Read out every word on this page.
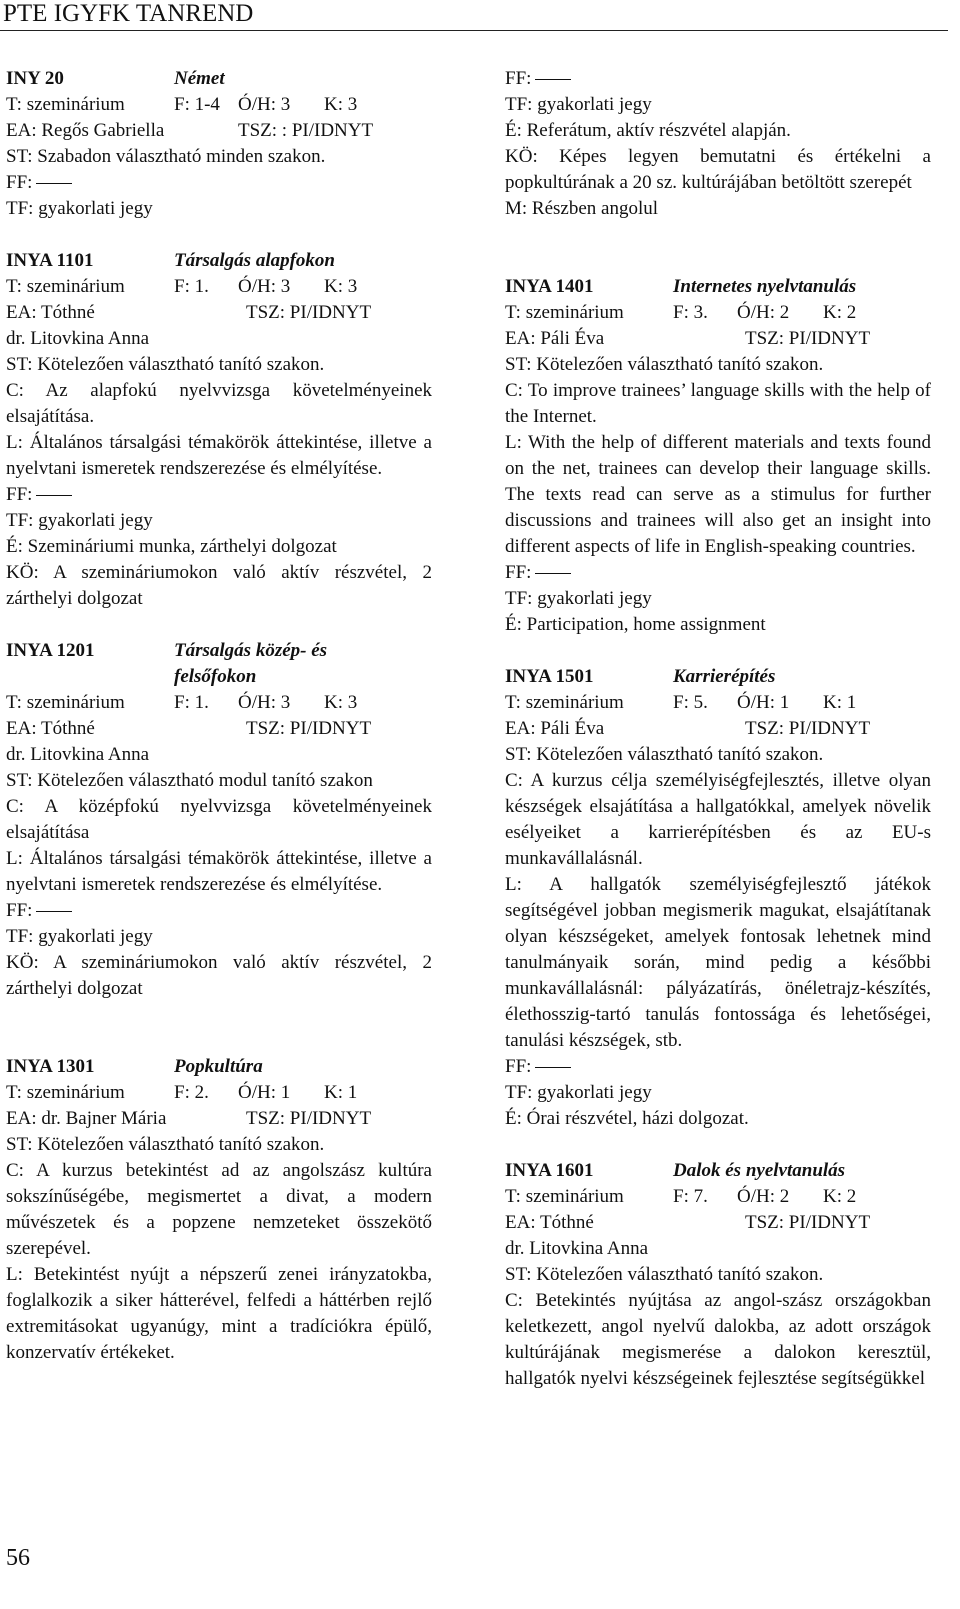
PTE IGYFK TANREND
INY 20	Német
T: szeminárium	F: 1-4 Ó/H: 3 K: 3
EA: Regős Gabriella	TSZ: : PI/IDNYT
ST: Szabadon választható minden szakon.
FF:
TF: gyakorlati jegy
INYA 1101	Társalgás alapfokon
T: szeminárium	F: 1. Ó/H: 3 K: 3
EA: Tóthné	TSZ: PI/IDNYT
dr. Litovkina Anna
ST: Kötelezően választható tanító szakon.
C: Az alapfokú nyelvvizsga követelményeinek elsajátítása.
L: Általános társalgási témakörök áttekintése, illetve a nyelvtani ismeretek rendszerezése és elmélyítése.
FF:
TF: gyakorlati jegy
É: Szemináriumi munka, zárthelyi dolgozat
KÖ: A szemináriumokon való aktív részvétel, 2 zárthelyi dolgozat
INYA 1201	Társalgás közép- és
felsőfokon
T: szeminárium	F: 1. Ó/H: 3 K: 3
EA: Tóthné	TSZ: PI/IDNYT
dr. Litovkina Anna
ST: Kötelezően választható modul tanító szakon
C: A középfokú nyelvvizsga követelményeinek elsajátítása
L: Általános társalgási témakörök áttekintése, illetve a nyelvtani ismeretek rendszerezése és elmélyítése.
FF:
TF: gyakorlati jegy
KÖ: A szemináriumokon való aktív részvétel, 2 zárthelyi dolgozat
INYA 1301	Popkultúra
T: szeminárium	F: 2. Ó/H: 1 K: 1
EA: dr. Bajner Mária	TSZ: PI/IDNYT
ST: Kötelezően választható tanító szakon.
C: A kurzus betekintést ad az angolszász kultúra sokszínűségébe, megismertet a divat, a modern művészetek és a popzene nemzeteket összekötő szerepével.
L: Betekintést nyújt a népszerű zenei irányzatokba, foglalkozik a siker hátterével, felfedi a háttérben rejlő extremitásokat ugyanúgy, mint a tradíciókra épülő, konzervatív értékeket.
FF:
TF: gyakorlati jegy
É: Referátum, aktív részvétel alapján.
KÖ: Képes legyen bemutatni és értékelni a popkultúrának a 20 sz. kultúrájában betöltött szerepét
M: Részben angolul
INYA 1401	Internetes nyelvtanulás
T: szeminárium	F: 3. Ó/H: 2 K: 2
EA: Páli Éva	TSZ: PI/IDNYT
ST: Kötelezően választható tanító szakon.
C: To improve trainees’ language skills with the help of the Internet.
L: With the help of different materials and texts found on the net, trainees can develop their language skills. The texts read can serve as a stimulus for further discussions and trainees will also get an insight into different aspects of life in English-speaking countries.
FF:
TF: gyakorlati jegy
É: Participation, home assignment
INYA 1501	Karrierépítés
T: szeminárium	F: 5. Ó/H: 1 K: 1
EA: Páli Éva	TSZ: PI/IDNYT
ST: Kötelezően választható tanító szakon.
C: A kurzus célja személyiségfejlesztés, illetve olyan készségek elsajátítása a hallgatókkal, amelyek növelik esélyeiket a karrierépítésben és az EU-s munkavállalásnál.
L: A hallgatók személyiségfejlesztő játékok segítségével jobban megismerik magukat, elsajátítanak olyan készségeket, amelyek fontosak lehetnek mind tanulmányaik során, mind pedig a későbbi munkavállalásnál: pályázatírás, önéletrajz-készítés, élethosszig-tartó tanulás fontossága és lehetőségei, tanulási készségek, stb.
FF:
TF: gyakorlati jegy
É: Órai részvétel, házi dolgozat.
INYA 1601	Dalok és nyelvtanulás
T: szeminárium	F: 7. Ó/H: 2 K: 2
EA: Tóthné	TSZ: PI/IDNYT
dr. Litovkina Anna
ST: Kötelezően választható tanító szakon.
C: Betekintés nyújtása az angol-szász országokban keletkezett, angol nyelvű dalokba, az adott országok kultúrájának megismerése a dalokon keresztül, hallgatók nyelvi készségeinek fejlesztése segítségükkel
56
